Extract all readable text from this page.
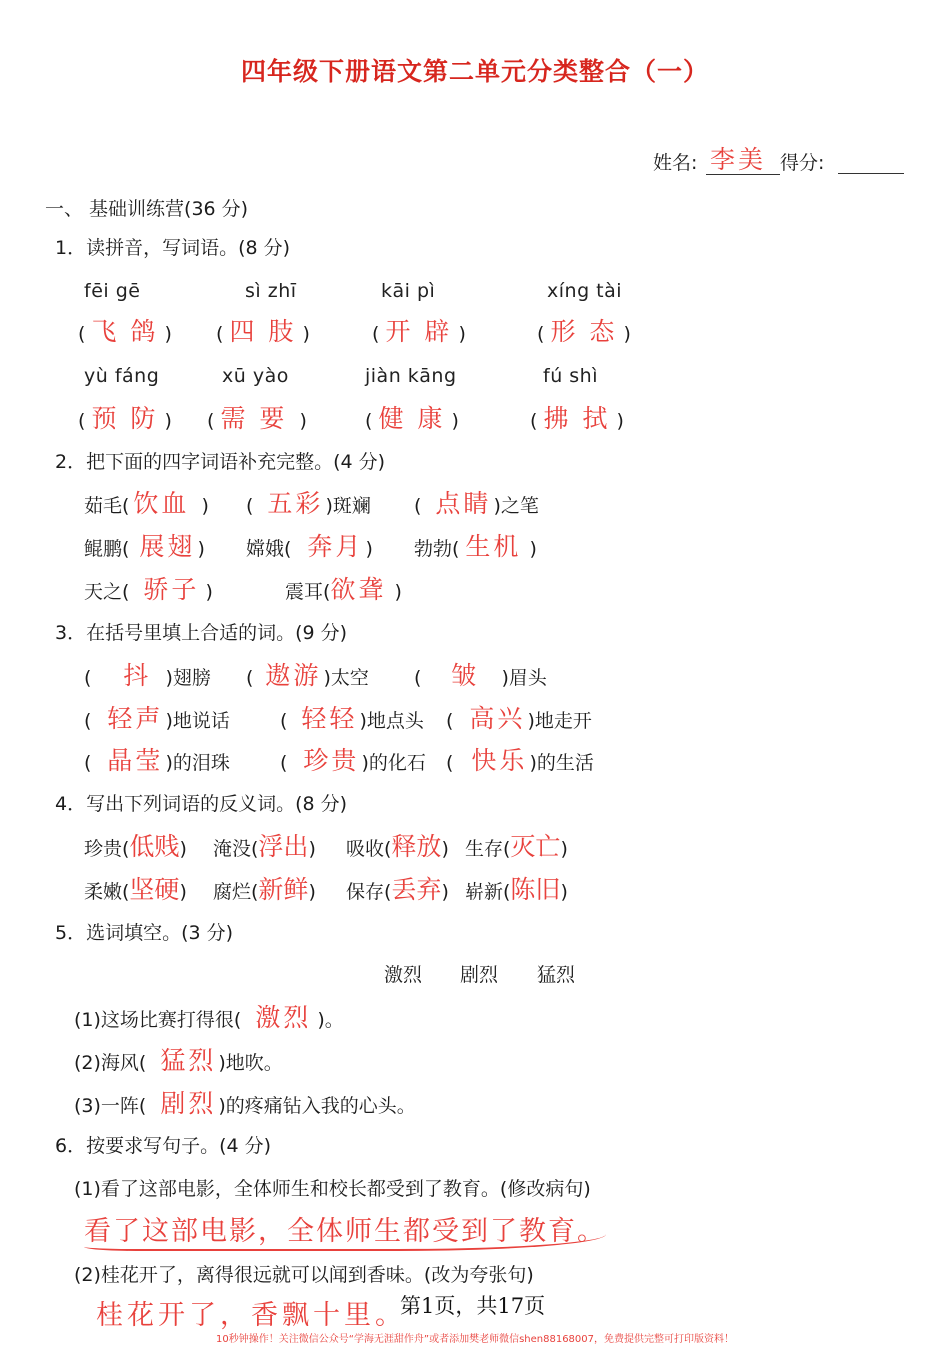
四年级下册语文第二单元分类整合（一）
姓名: 李美 得分:
一、 基础训练营(36 分)
1．读拼音，写词语。(8 分)
fēi gē	sì zhī	kāi pì	xíng tài
( 飞 鸽 ) ( 四 肢 )	( 开 辟 )	( 形 态 )
yù fáng	xū yào	jiàn kāng	fú shì
( 预 防 ) ( 需 要  )	( 健 康 )	( 拂 拭 )
2．把下面的四字词语补充完整。(4 分)
茹毛( 饮血 ) ( 五彩 )斑斓 ( 点睛 )之笔
鲲鹏( 展翅 ) 嫦娥( 奔月 ) 勃勃( 生机 )
天之( 骄子 )	震耳(欲聋 )
3．在括号里填上合适的词。(9 分)
( 抖 )翅膀 ( 遨游 )太空 ( 皱 )眉头
( 轻声 )地说话	( 轻轻 )地点头 ( 高兴 )地走开
( 晶莹 )的泪珠	( 珍贵 )的化石 ( 快乐 )的生活
4．写出下列词语的反义词。(8 分)
珍贵(低贱) 淹没(浮出) 吸收(释放) 生存(灭亡)
柔嫩(坚硬) 腐烂(新鲜) 保存(丢弃) 崭新(陈旧)
5．选词填空。(3 分)
激烈 剧烈 猛烈
(1)这场比赛打得很( 激烈 )。
(2)海风( 猛烈 )地吹。
(3)一阵( 剧烈 )的疼痛钻入我的心头。
6．按要求写句子。(4 分)
(1)看了这部电影，全体师生和校长都受到了教育。(修改病句)
看了这部电影，全体师生都受到了教育。
(2)桂花开了，离得很远就可以闻到香味。(改为夸张句)
桂花开了，香飘十里。
第1页，共17页
10秒钟操作！关注微信公众号“学海无涯甜作舟”或者添加樊老师微信shen88168007，免费提供完整可打印版资料！
